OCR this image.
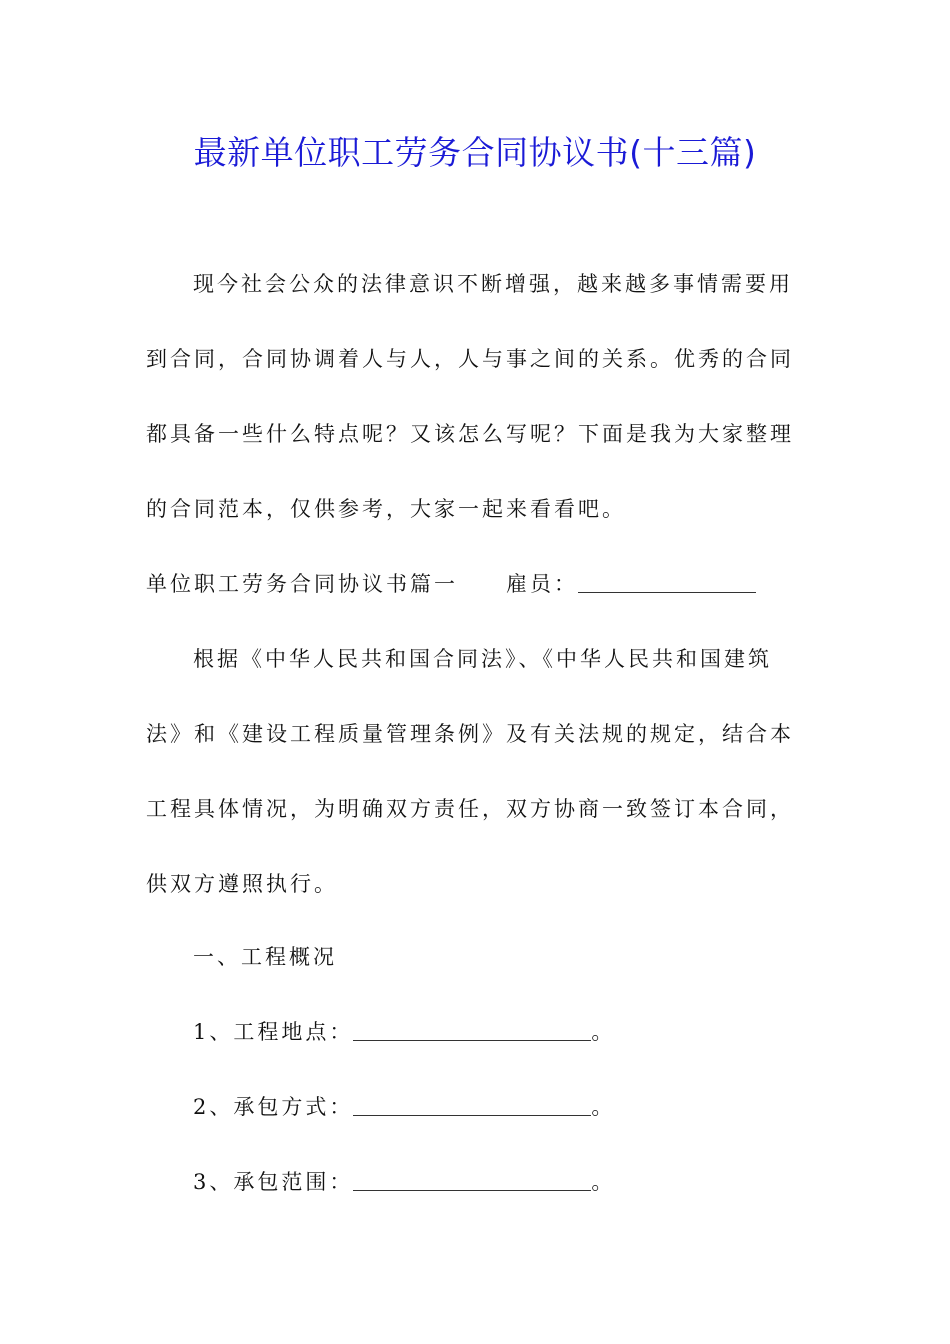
最新单位职工劳务合同协议书(十三篇)

现今社会公众的法律意识不断增强，越来越多事情需要用

到合同，合同协调着人与人，人与事之间的关系。优秀的合同

都具备一些什么特点呢？又该怎么写呢？下面是我为大家整理

的合同范本，仅供参考，大家一起来看看吧。

单位职工劳务合同协议书篇一 雇员：

根据《中华人民共和国合同法》、《中华人民共和国建筑

法》和《建设工程质量管理条例》及有关法规的规定，结合本

工程具体情况，为明确双方责任，双方协商一致签订本合同，

供双方遵照执行。

一、工程概况

1、工程地点：	。

2、承包方式：	。

3、承包范围：	。
